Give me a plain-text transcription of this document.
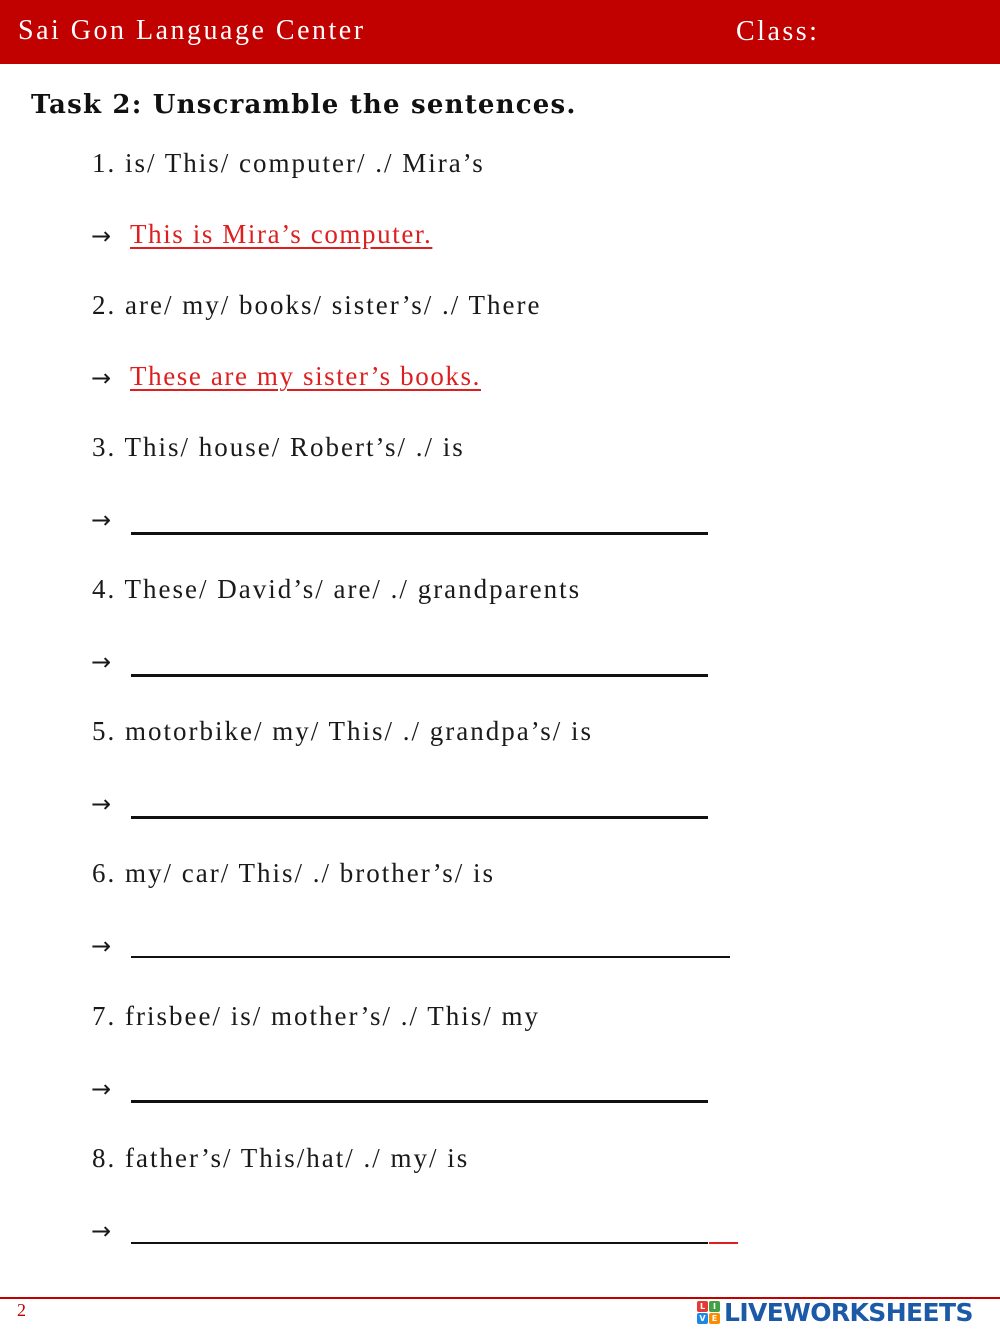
Sai Gon Language Center	Class:
Task 2: Unscramble the sentences.
1. is/ This/ computer/ ./ Mira’s
→ This is Mira’s computer.
2. are/ my/ books/ sister’s/ ./ There
→ These are my sister’s books.
3. This/ house/ Robert’s/ ./ is
→
4. These/ David’s/ are/ ./ grandparents
→
5. motorbike/ my/ This/ ./ grandpa’s/ is
→
6. my/ car/ This/ ./ brother’s/ is
→
7. frisbee/ is/ mother’s/ ./ This/ my
→
8. father’s/ This/hat/ ./ my/ is
→
2	L I
V E LIVEWORKSHEETS
